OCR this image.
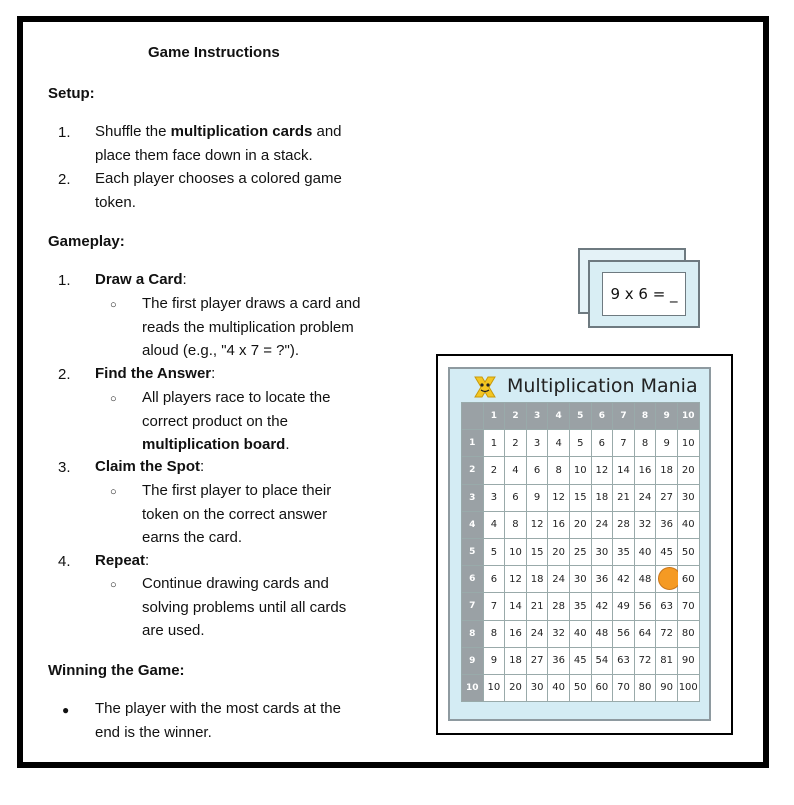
Game Instructions
Setup:
1. Shuffle the multiplication cards and
place them face down in a stack.
2. Each player chooses a colored game
token.
Gameplay:
1. Draw a Card:
○ The first player draws a card and
reads the multiplication problem
aloud (e.g., "4 x 7 = ?").
2. Find the Answer:
○ All players race to locate the
correct product on the
multiplication board.
3. Claim the Spot:
○ The first player to place their
token on the correct answer
earns the card.
4. Repeat:
○ Continue drawing cards and
solving problems until all cards
are used.
Winning the Game:
● The player with the most cards at the
end is the winner.
9 x 6 = _
Multiplication Mania
	1	2	3	4	5	6	7	8	9	10
1	1	2	3	4	5	6	7	8	9	10
2	2	4	6	8	10	12	14	16	18	20
3	3	6	9	12	15	18	21	24	27	30
4	4	8	12	16	20	24	28	32	36	40
5	5	10	15	20	25	30	35	40	45	50
6	6	12	18	24	30	36	42	48		60
7	7	14	21	28	35	42	49	56	63	70
8	8	16	24	32	40	48	56	64	72	80
9	9	18	27	36	45	54	63	72	81	90
10	10	20	30	40	50	60	70	80	90	100
